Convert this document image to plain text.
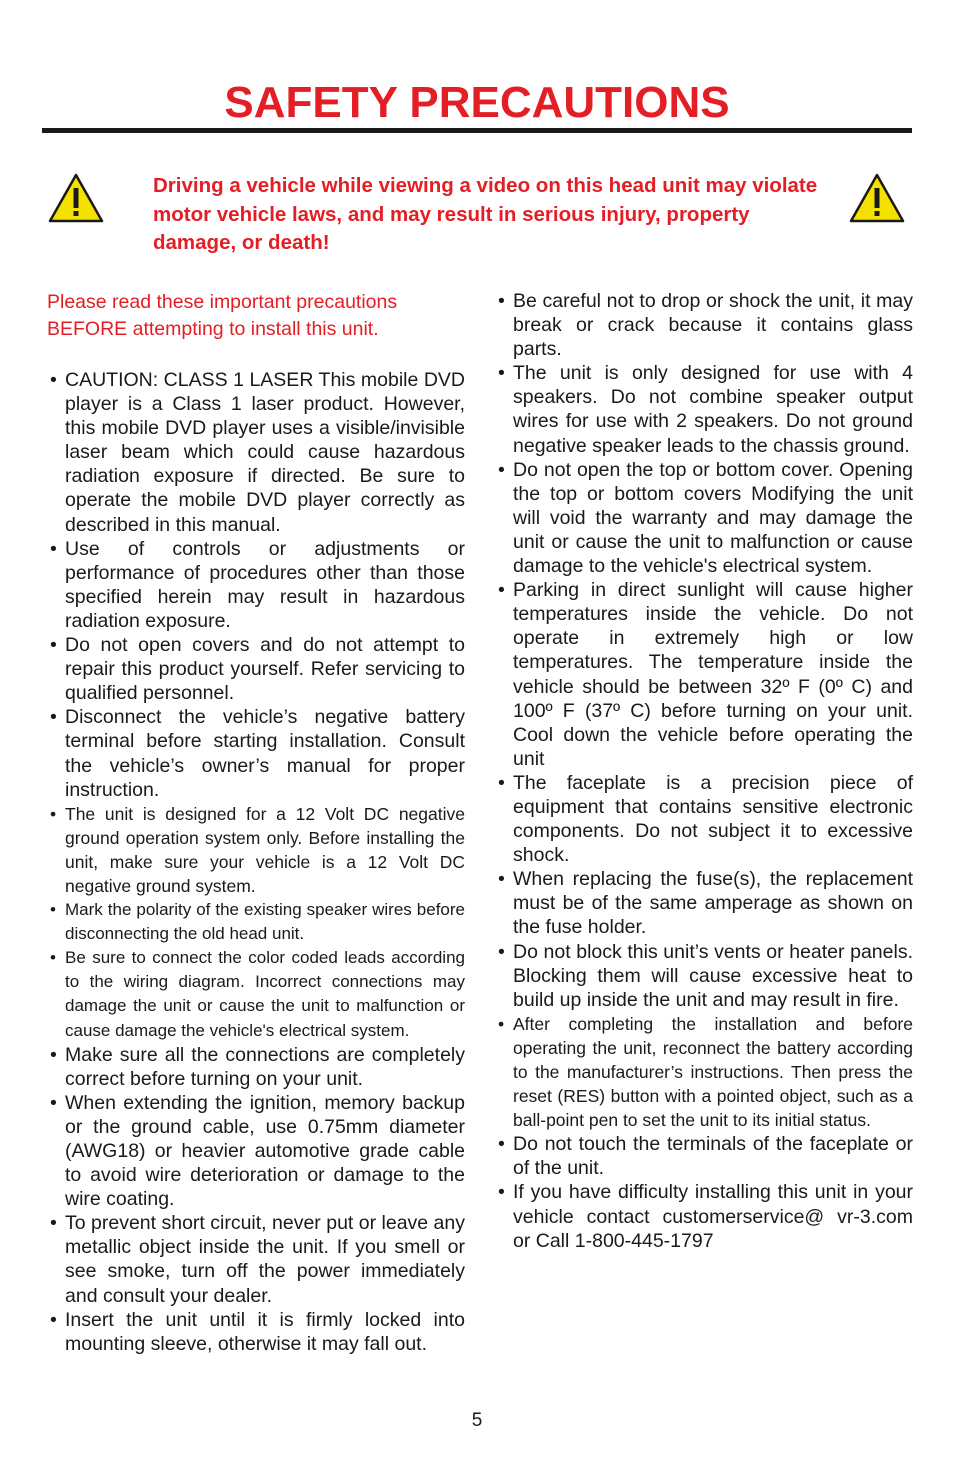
SAFETY PRECAUTIONS
Driving a vehicle while viewing a video on this head unit may violate motor vehicle laws, and may result in serious injury, property damage, or death!

Please read these important precautions BEFORE attempting to install this unit.

• CAUTION: CLASS 1 LASER This mobile DVD player is a Class 1 laser product. However, this mobile DVD player uses a visible/invisible laser beam which could cause hazardous radiation exposure if directed. Be sure to operate the mobile DVD player correctly as described in this manual.

• Use of controls or adjustments or performance of procedures other than those specified herein may result in hazardous radiation exposure.

• Do not open covers and do not attempt to repair this product yourself. Refer servicing to qualified personnel.

• Disconnect the vehicle’s negative battery terminal before starting installation. Consult the vehicle’s owner’s manual for proper instruction.

• The unit is designed for a 12 Volt DC negative ground operation system only. Before installing the unit, make sure your vehicle is a 12 Volt DC negative ground system.

• Mark the polarity of the existing speaker wires before disconnecting the old head unit.

• Be sure to connect the color coded leads according to the wiring diagram. Incorrect connections may damage the unit or cause the unit to malfunction or cause damage the vehicle's electrical system.

• Make sure all the connections are completely correct before turning on your unit.

• When extending the ignition, memory backup or the ground cable, use 0.75mm diameter (AWG18) or heavier automotive grade cable to avoid wire deterioration or damage to the wire coating.

• To prevent short circuit, never put or leave any metallic object inside the unit. If you smell or see smoke, turn off the power immediately and consult your dealer.

• Insert the unit until it is firmly locked into mounting sleeve, otherwise it may fall out.

• Be careful not to drop or shock the unit, it may break or crack because it contains glass parts.

• The unit is only designed for use with 4 speakers. Do not combine speaker output wires for use with 2 speakers. Do not ground negative speaker leads to the chassis ground.

• Do not open the top or bottom cover. Opening the top or bottom covers Modifying the unit will void the warranty and may damage the unit or cause the unit to malfunction or cause damage to the vehicle's electrical system.

• Parking in direct sunlight will cause higher temperatures inside the vehicle. Do not operate in extremely high or low temperatures. The temperature inside the vehicle should be between 32º F (0º C) and 100º F (37º C) before turning on your unit. Cool down the vehicle before operating the unit

• The faceplate is a precision piece of equipment that contains sensitive electronic components. Do not subject it to excessive shock.

• When replacing the fuse(s), the replacement must be of the same amperage as shown on the fuse holder.

• Do not block this unit’s vents or heater panels. Blocking them will cause excessive heat to build up inside the unit and may result in fire.

• After completing the installation and before operating the unit, reconnect the battery according to the manufacturer’s instructions. Then press the reset (RES) button with a pointed object, such as a ball-point pen to set the unit to its initial status.

• Do not touch the terminals of the faceplate or of the unit.

• If you have difficulty installing this unit in your vehicle contact customerservice@ vr-3.com or Call 1-800-445-1797

5
